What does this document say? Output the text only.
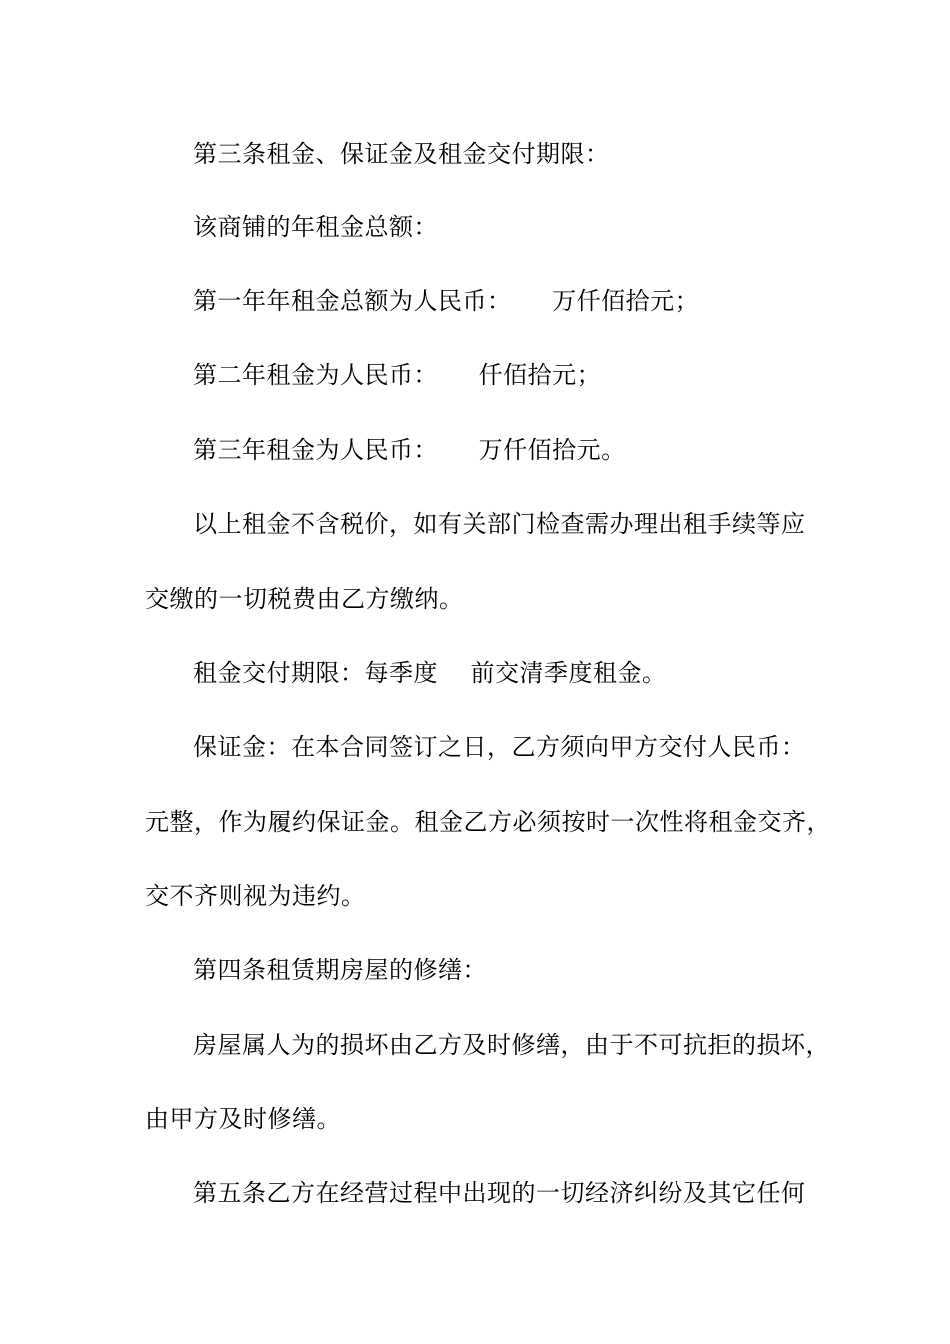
第三条租金、保证金及租金交付期限：
该商铺的年租金总额：
第一年年租金总额为人民币：     万仟佰拾元；
第二年租金为人民币：     仟佰拾元；
第三年租金为人民币：     万仟佰拾元。
以上租金不含税价，如有关部门检查需办理出租手续等应
交缴的一切税费由乙方缴纳。
租金交付期限：每季度    前交清季度租金。
保证金：在本合同签订之日，乙方须向甲方交付人民币：
元整，作为履约保证金。租金乙方必须按时一次性将租金交齐，
交不齐则视为违约。
第四条租赁期房屋的修缮：
房屋属人为的损坏由乙方及时修缮，由于不可抗拒的损坏，
由甲方及时修缮。
第五条乙方在经营过程中出现的一切经济纠纷及其它任何
